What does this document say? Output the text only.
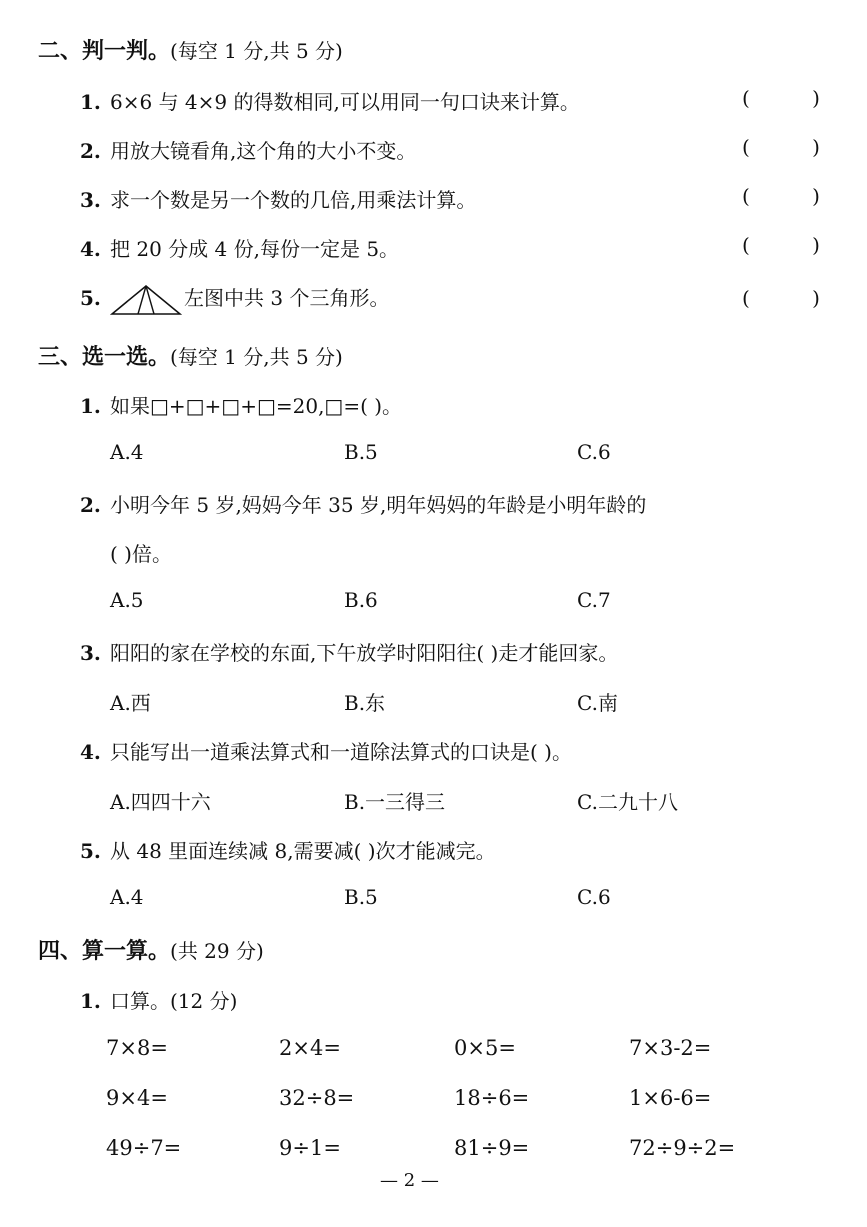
二、判一判。(每空 1 分,共 5 分)
1. 6×6 与 4×9 的得数相同,可以用同一句口诀来计算。	( )
2. 用放大镜看角,这个角的大小不变。	( )
3. 求一个数是另一个数的几倍,用乘法计算。	( )
4. 把 20 分成 4 份,每份一定是 5。	( )
5.	左图中共 3 个三角形。	( )
三、选一选。(每空 1 分,共 5 分)
1. 如果□+□+□+□=20,□=( )。
A.4	B.5	C.6
2. 小明今年 5 岁,妈妈今年 35 岁,明年妈妈的年龄是小明年龄的
( )倍。
A.5	B.6	C.7
3. 阳阳的家在学校的东面,下午放学时阳阳往( )走才能回家。
A.西	B.东	C.南
4. 只能写出一道乘法算式和一道除法算式的口诀是( )。
A.四四十六	B.一三得三	C.二九十八
5. 从 48 里面连续减 8,需要减( )次才能减完。
A.4	B.5	C.6
四、算一算。(共 29 分)
1. 口算。(12 分)
7×8=	2×4=	0×5=	7×3-2=
9×4=	32÷8=	18÷6=	1×6-6=
49÷7=	9÷1=	81÷9=	72÷9÷2=
— 2 —
